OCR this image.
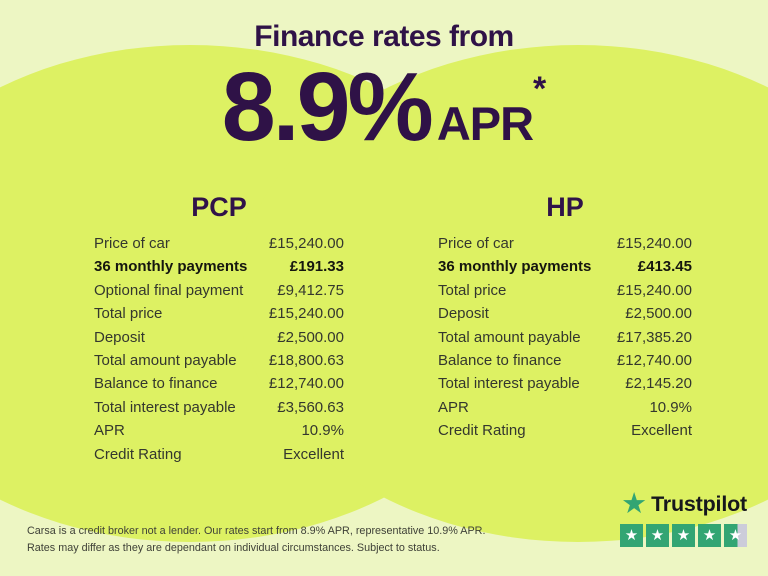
Finance rates from
8.9% APR
*
PCP
Price of car	£15,240.00
36 monthly payments	£191.33
Optional final payment £9,412.75
Total price	£15,240.00
Deposit	£2,500.00
Total amount payable £18,800.63
Balance to finance	£12,740.00
Total interest payable	£3,560.63
APR	10.9%
Credit Rating	Excellent
HP
Price of car	£15,240.00
36 monthly payments	£413.45
Total price	£15,240.00
Deposit	£2,500.00
Total amount payable £17,385.20
Balance to finance	£12,740.00
Total interest payable	£2,145.20
APR	10.9%
Credit Rating	Excellent
Carsa is a credit broker not a lender. Our rates start from 8.9% APR, representative 10.9% APR.
Rates may differ as they are dependant on individual circumstances. Subject to status.
★ Trustpilot
★ ★ ★ ★ ★
